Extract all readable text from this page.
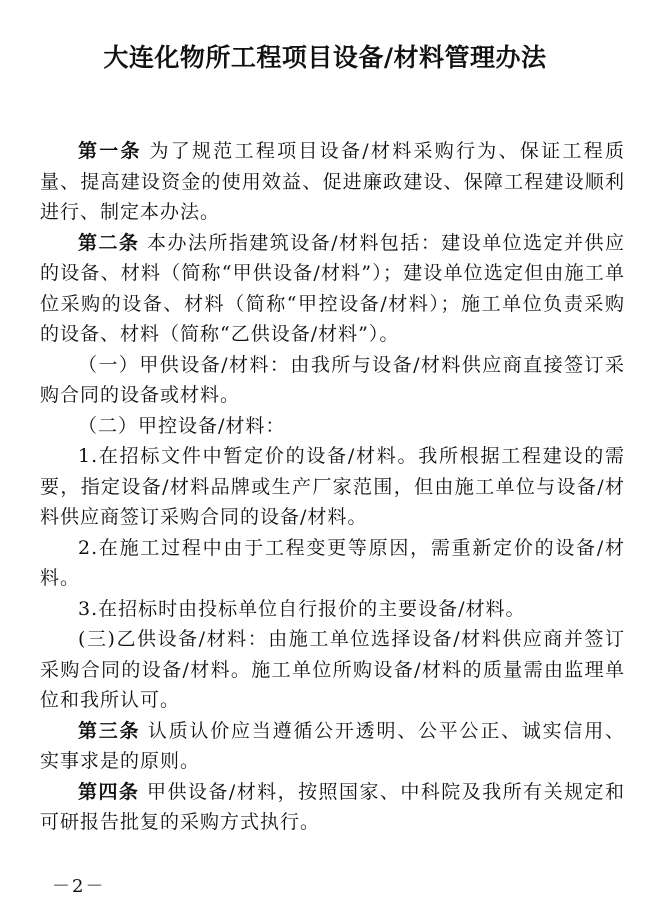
大连化物所工程项目设备/材料管理办法

第一条 为了规范工程项目设备/材料采购行为、保证工程质量、提高建设资金的使用效益、促进廉政建设、保障工程建设顺利进行、制定本办法。

第二条 本办法所指建筑设备/材料包括：建设单位选定并供应的设备、材料（简称“甲供设备/材料”）；建设单位选定但由施工单位采购的设备、材料（简称“甲控设备/材料）；施工单位负责采购的设备、材料（简称“乙供设备/材料”）。

（一）甲供设备/材料：由我所与设备/材料供应商直接签订采购合同的设备或材料。

（二）甲控设备/材料：

1.在招标文件中暂定价的设备/材料。我所根据工程建设的需要，指定设备/材料品牌或生产厂家范围，但由施工单位与设备/材料供应商签订采购合同的设备/材料。

2.在施工过程中由于工程变更等原因，需重新定价的设备/材料。

3.在招标时由投标单位自行报价的主要设备/材料。

(三)乙供设备/材料：由施工单位选择设备/材料供应商并签订采购合同的设备/材料。施工单位所购设备/材料的质量需由监理单位和我所认可。

第三条 认质认价应当遵循公开透明、公平公正、诚实信用、实事求是的原则。

第四条 甲供设备/材料，按照国家、中科院及我所有关规定和可研报告批复的采购方式执行。

－2－
